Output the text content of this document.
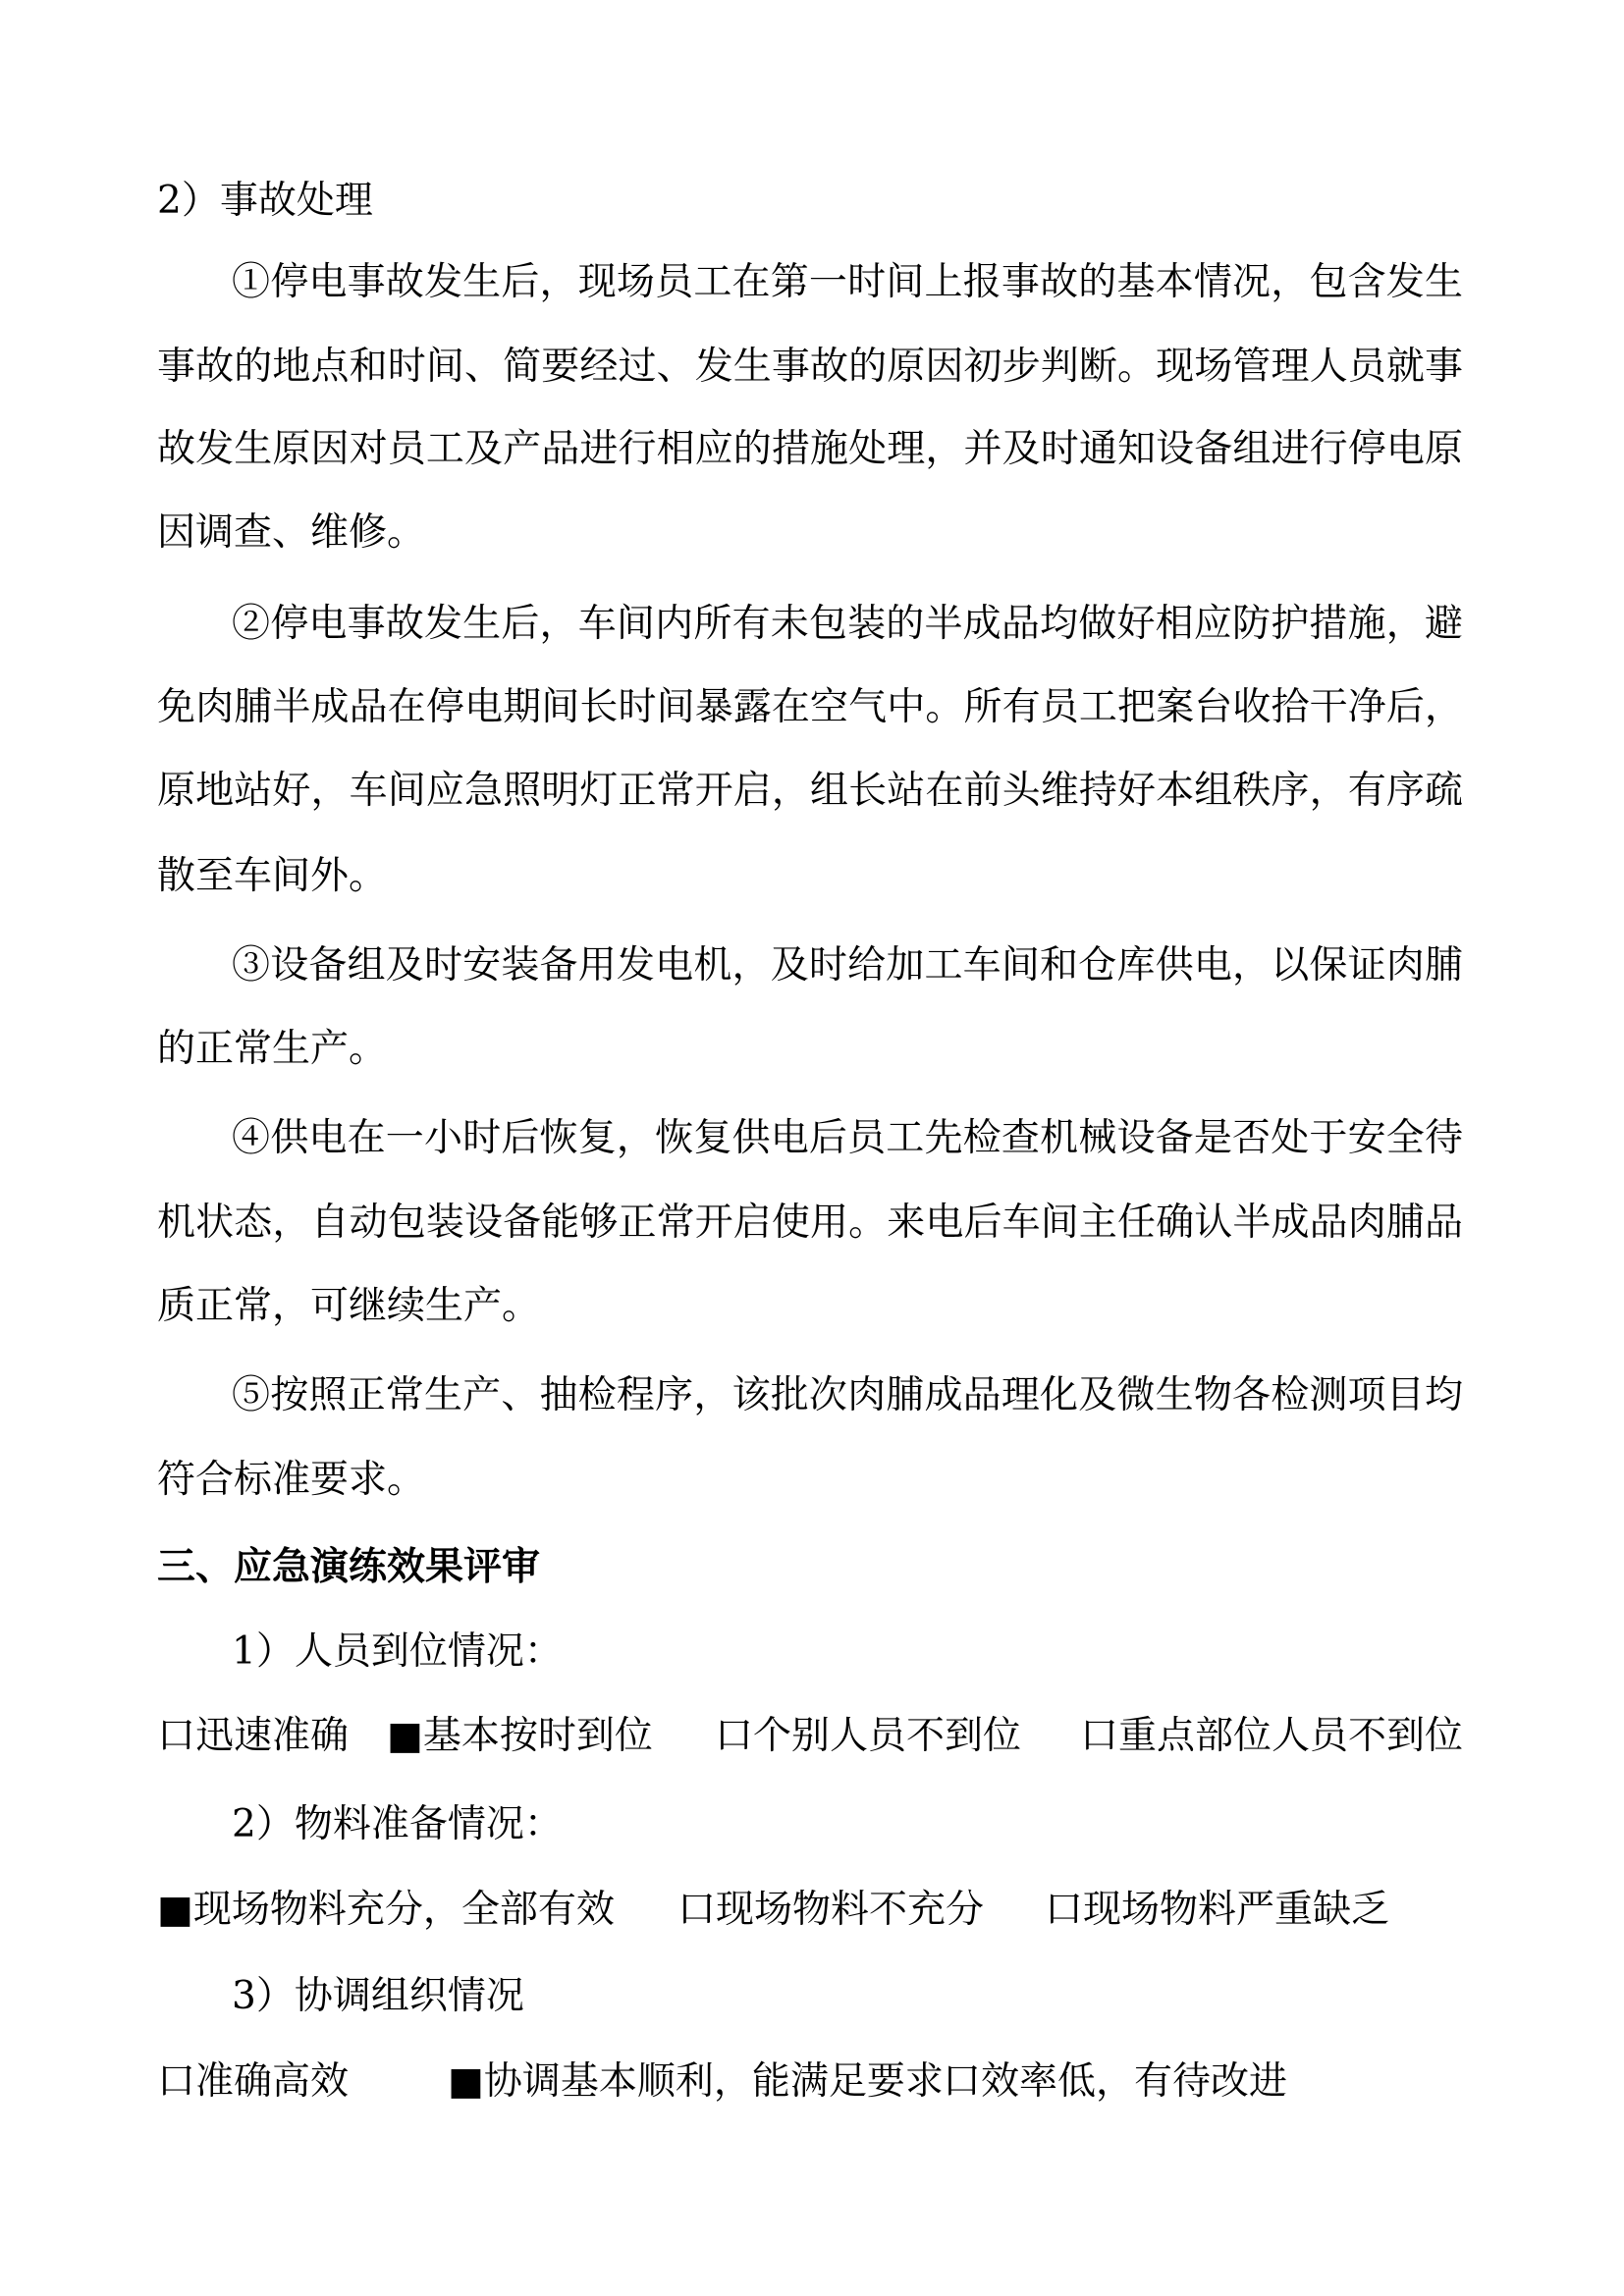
2）事故处理
①停电事故发生后，现场员工在第一时间上报事故的基本情况，包含发生
事故的地点和时间、简要经过、发生事故的原因初步判断。现场管理人员就事
故发生原因对员工及产品进行相应的措施处理，并及时通知设备组进行停电原
因调查、维修。
②停电事故发生后，车间内所有未包装的半成品均做好相应防护措施，避
免肉脯半成品在停电期间长时间暴露在空气中。所有员工把案台收拾干净后，
原地站好，车间应急照明灯正常开启，组长站在前头维持好本组秩序，有序疏
散至车间外。
③设备组及时安装备用发电机，及时给加工车间和仓库供电，以保证肉脯
的正常生产。
④供电在一小时后恢复，恢复供电后员工先检查机械设备是否处于安全待
机状态，自动包装设备能够正常开启使用。来电后车间主任确认半成品肉脯品
质正常，可继续生产。
⑤按照正常生产、抽检程序，该批次肉脯成品理化及微生物各检测项目均
符合标准要求。
三、应急演练效果评审
1）人员到位情况：
口迅速准确 ■基本按时到位 口个别人员不到位 口重点部位人员不到位
2）物料准备情况：
■现场物料充分，全部有效 口现场物料不充分 口现场物料严重缺乏
3）协调组织情况
口准确高效	■协调基本顺利，能满足要求 口效率低，有待改进
